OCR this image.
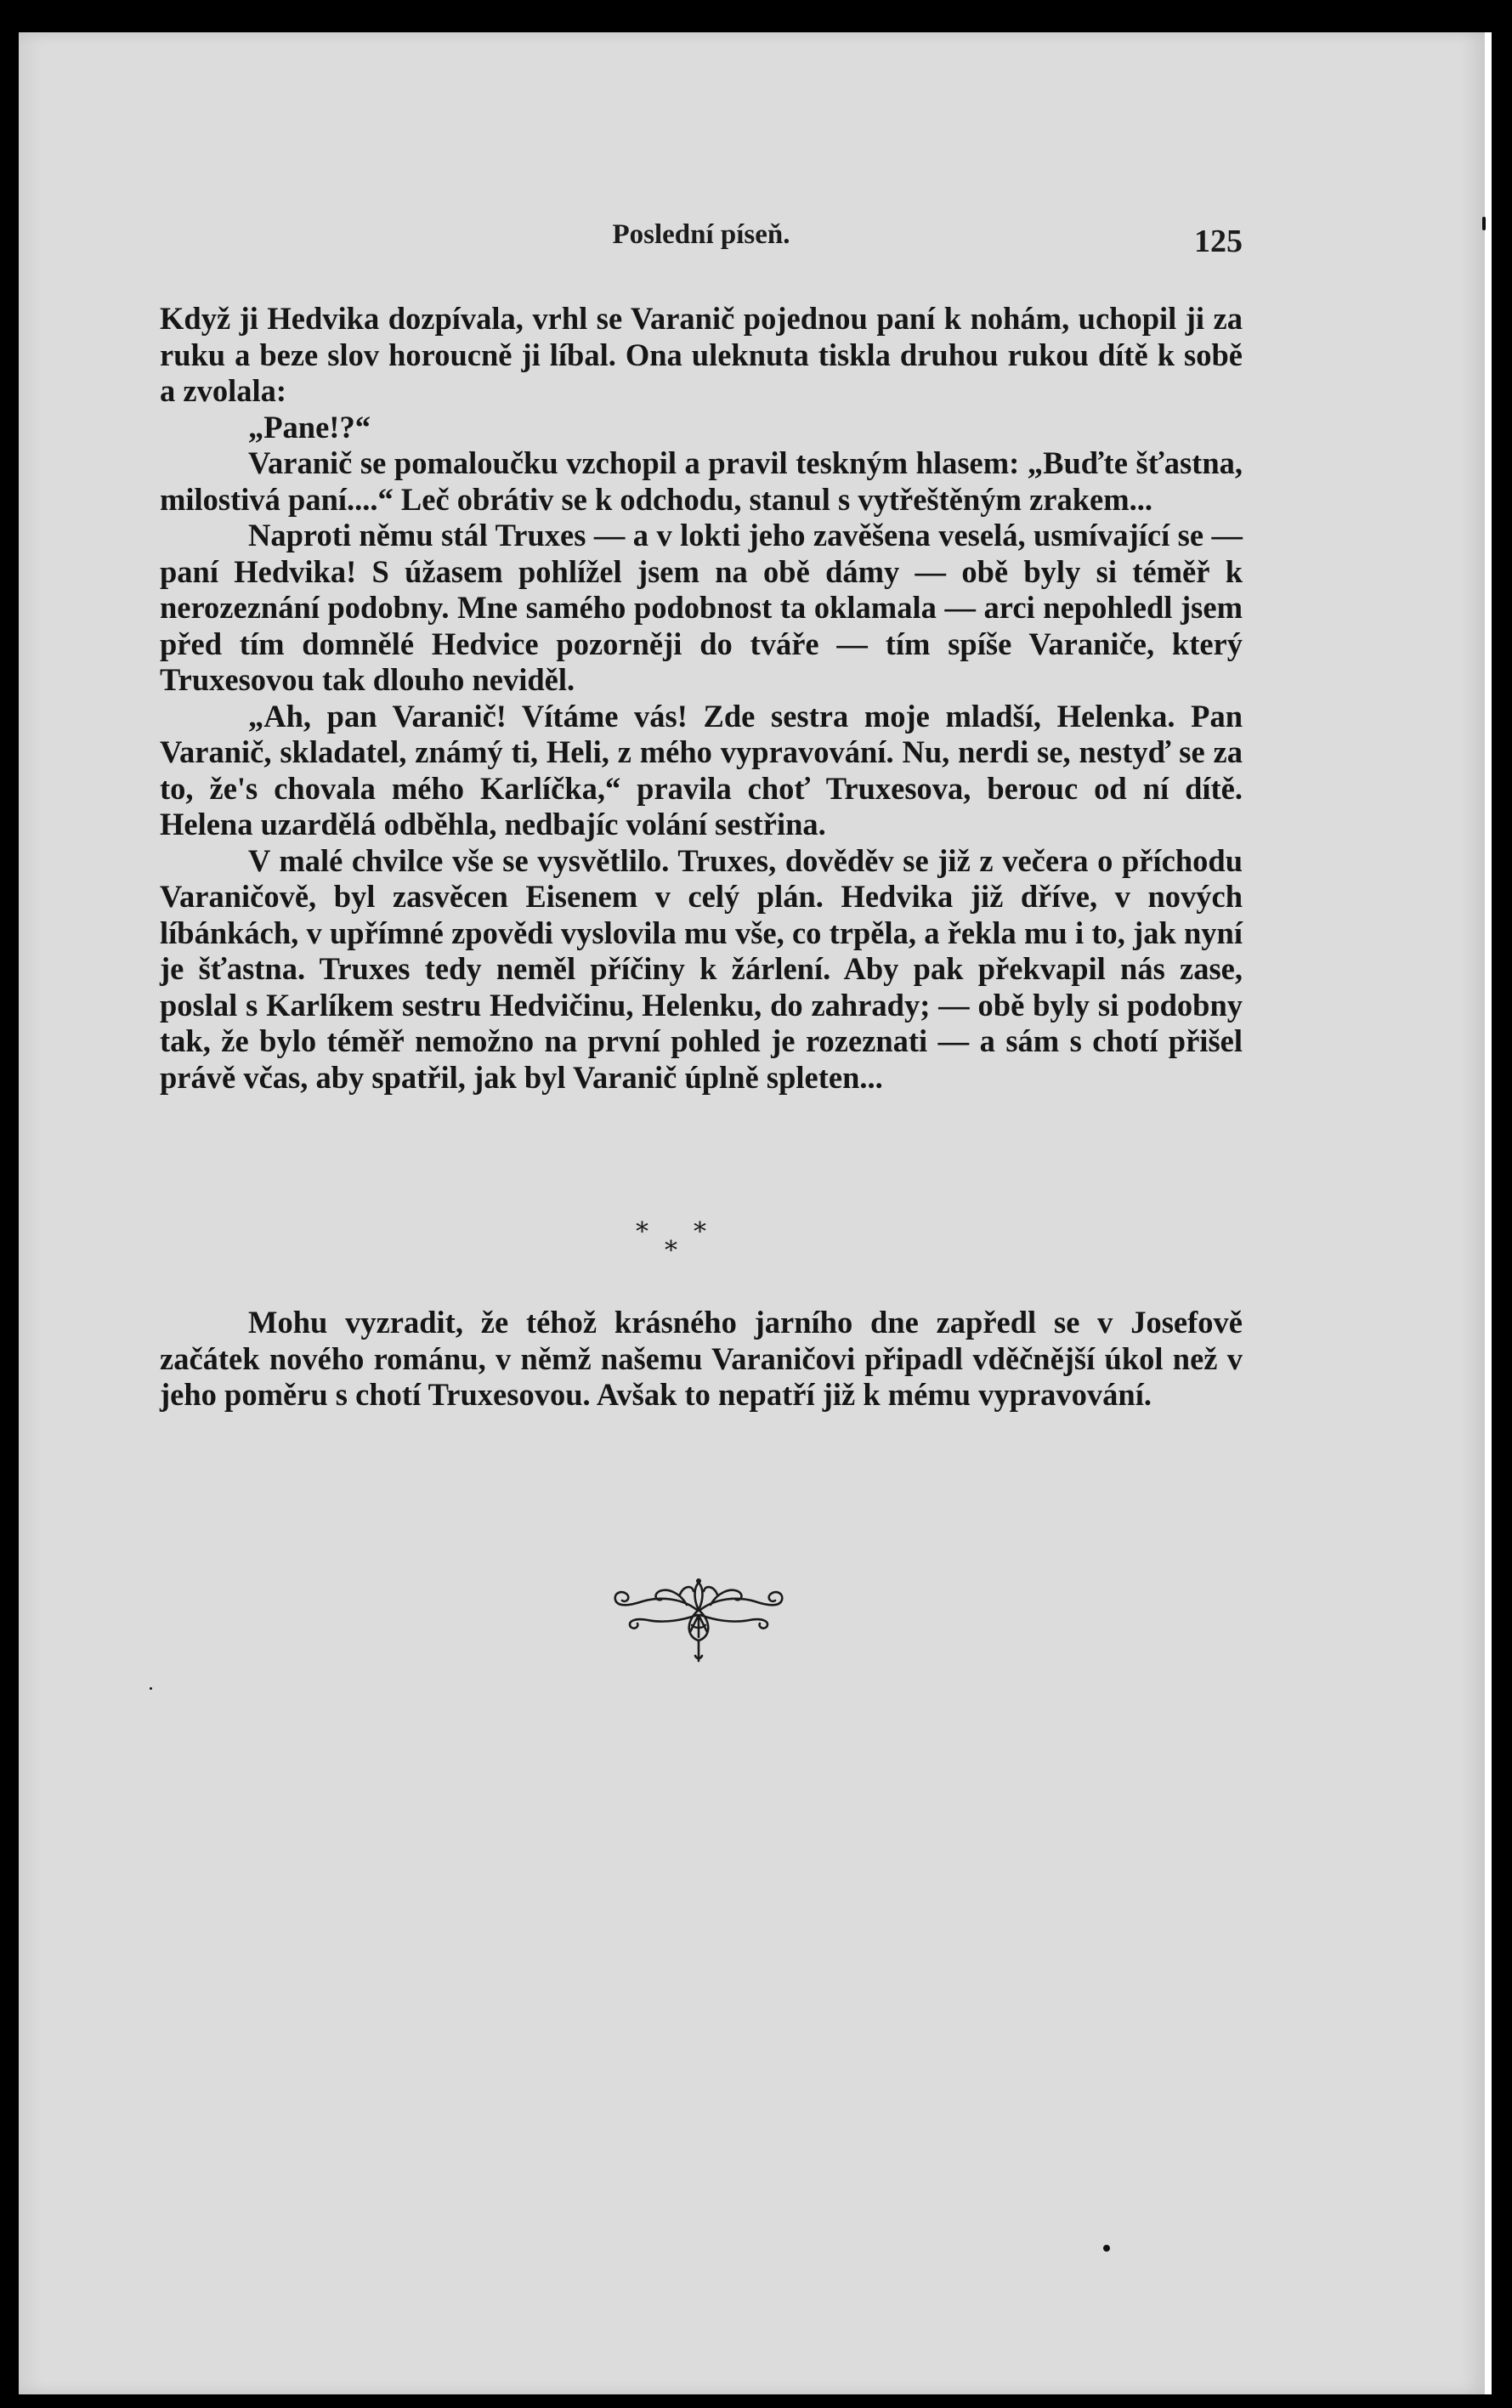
Poslední píseň.	125

Když ji Hedvika dozpívala, vrhl se Varanič pojednou paní k nohám, uchopil ji za ruku a beze slov horoucně ji líbal. Ona uleknuta tiskla druhou rukou dítě k sobě a zvolala:

„Pane!?“

Varanič se pomaloučku vzchopil a pravil teskným hlasem: „Buďte šťastna, milostivá paní....“ Leč obrátiv se k odchodu, stanul s vytřeštěným zrakem...

Naproti němu stál Truxes — a v lokti jeho zavěšena veselá, usmívající se — paní Hedvika! S úžasem pohlížel jsem na obě dámy — obě byly si téměř k nerozeznání podobny. Mne samého podobnost ta oklamala — arci nepohledl jsem před tím domnělé Hedvice pozorněji do tváře — tím spíše Varaniče, který Truxesovou tak dlouho neviděl.

„Ah, pan Varanič! Vítáme vás! Zde sestra moje mladší, Helenka. Pan Varanič, skladatel, známý ti, Heli, z mého vypravování. Nu, nerdi se, nestyď se za to, že's chovala mého Karlíčka,“ pravila choť Truxesova, berouc od ní dítě. Helena uzardělá odběhla, nedbajíc volání sestřina.

V malé chvilce vše se vysvětlilo. Truxes, dověděv se již z večera o příchodu Varaničově, byl zasvěcen Eisenem v celý plán. Hedvika již dříve, v nových líbánkách, v upřímné zpovědi vyslovila mu vše, co trpěla, a řekla mu i to, jak nyní je šťastna. Truxes tedy neměl příčiny k žárlení. Aby pak překvapil nás zase, poslal s Karlíkem sestru Hedvičinu, Helenku, do zahrady; — obě byly si podobny tak, že bylo téměř nemožno na první pohled je rozeznati — a sám s chotí přišel právě včas, aby spatřil, jak byl Varanič úplně spleten...

*
*
*

Mohu vyzradit, že téhož krásného jarního dne zapředl se v Josefově začátek nového románu, v němž našemu Varaničovi připadl vděčnější úkol než v jeho poměru s chotí Truxesovou. Avšak to nepatří již k mému vypravování.
